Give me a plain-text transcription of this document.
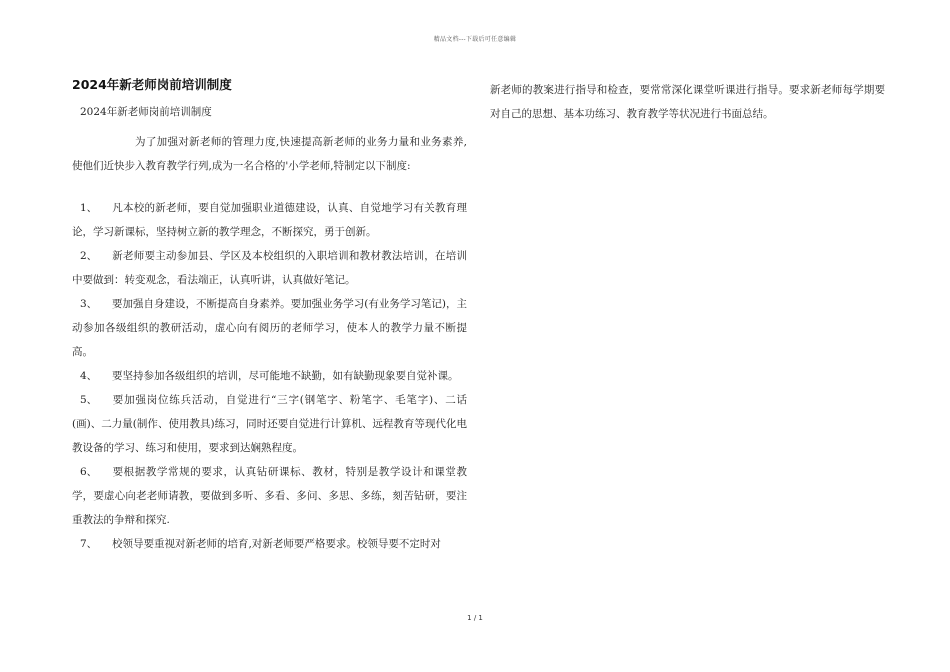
精品文档---下载后可任意编辑
2024年新老师岗前培训制度

2024年新老师岗前培训制度

为了加强对新老师的管理力度,快速提高新老师的业务力量和业务素养,使他们近快步入教育教学行列,成为一名合格的'小学老师,特制定以下制度:

1、 凡本校的新老师，要自觉加强职业道德建设，认真、自觉地学习有关教育理论，学习新课标，坚持树立新的教学理念，不断探究，勇于创新。

2、 新老师要主动参加县、学区及本校组织的入职培训和教材教法培训，在培训中要做到：转变观念，看法端正，认真听讲，认真做好笔记。

3、 要加强自身建设，不断提高自身素养。要加强业务学习(有业务学习笔记)，主动参加各级组织的教研活动，虚心向有阅历的老师学习，使本人的教学力量不断提高。

4、 要坚持参加各级组织的培训，尽可能地不缺勤，如有缺勤现象要自觉补课。

5、 要加强岗位练兵活动，自觉进行“三字(钢笔字、粉笔字、毛笔字)、二话(画)、二力量(制作、使用教具)练习，同时还要自觉进行计算机、远程教育等现代化电教设备的学习、练习和使用，要求到达娴熟程度。

6、 要根据教学常规的要求，认真钻研课标、教材，特别是教学设计和课堂教学，要虚心向老老师请教，要做到多听、多看、多问、多思、多练，刻苦钻研，要注重教法的争辩和探究.

7、 校领导要重视对新老师的培育,对新老师要严格要求。校领导要不定时对

新老师的教案进行指导和检查，要常常深化课堂听课进行指导。要求新老师每学期要对自己的思想、基本功练习、教育教学等状况进行书面总结。

1 / 1
